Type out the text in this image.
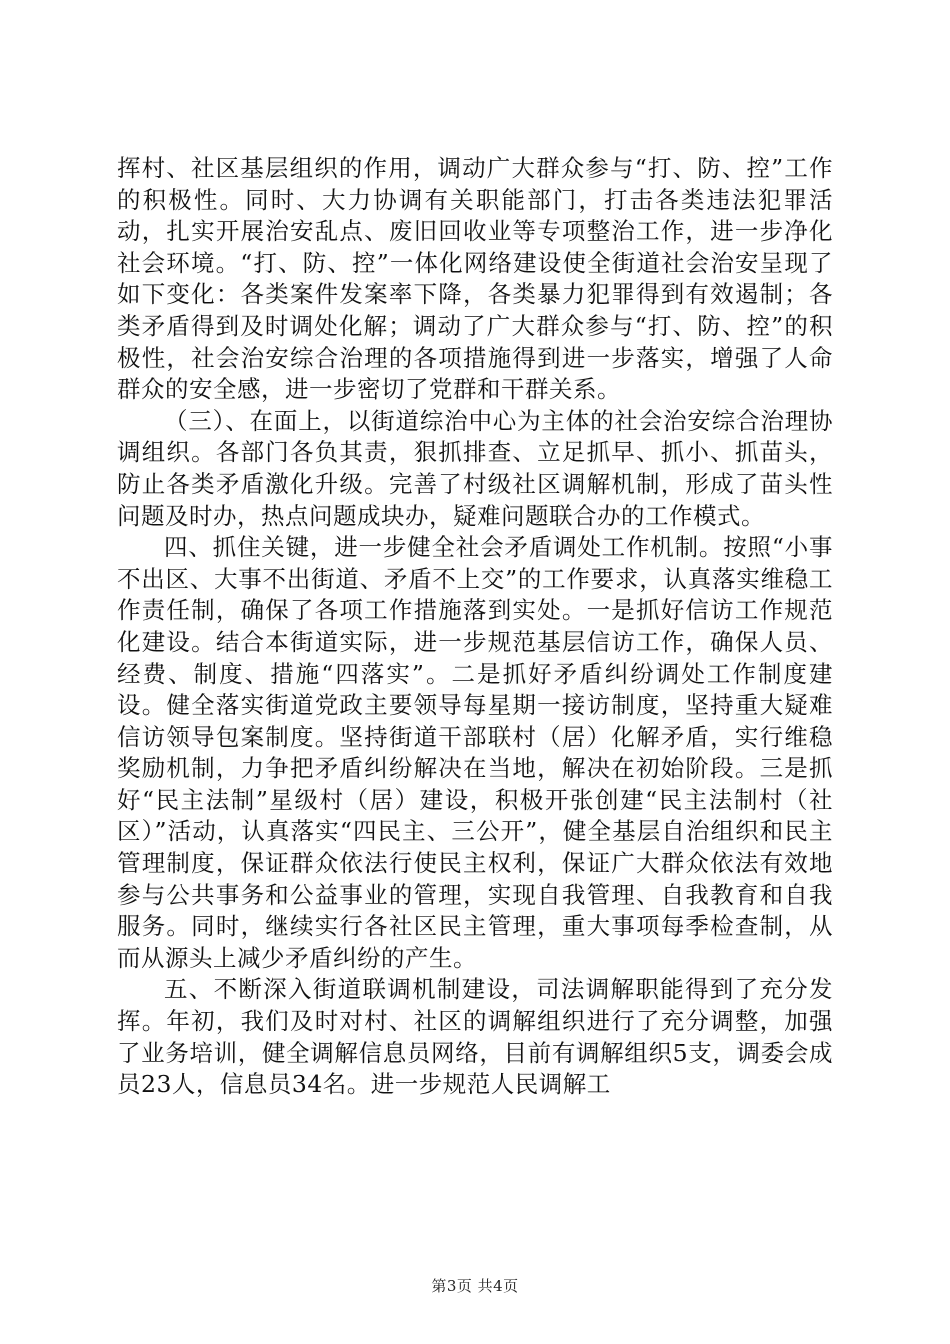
挥村、社区基层组织的作用，调动广大群众参与“打、防、控”工作的积极性。同时、大力协调有关职能部门，打击各类违法犯罪活动，扎实开展治安乱点、废旧回收业等专项整治工作，进一步净化社会环境。“打、防、控”一体化网络建设使全街道社会治安呈现了如下变化：各类案件发案率下降，各类暴力犯罪得到有效遏制；各类矛盾得到及时调处化解；调动了广大群众参与“打、防、控”的积极性，社会治安综合治理的各项措施得到进一步落实，增强了人命群众的安全感，进一步密切了党群和干群关系。

（三）、在面上，以街道综治中心为主体的社会治安综合治理协调组织。各部门各负其责，狠抓排查、立足抓早、抓小、抓苗头，防止各类矛盾激化升级。完善了村级社区调解机制，形成了苗头性问题及时办，热点问题成块办，疑难问题联合办的工作模式。

四、抓住关键，进一步健全社会矛盾调处工作机制。按照“小事不出区、大事不出街道、矛盾不上交”的工作要求，认真落实维稳工作责任制，确保了各项工作措施落到实处。一是抓好信访工作规范化建设。结合本街道实际，进一步规范基层信访工作，确保人员、经费、制度、措施“四落实”。二是抓好矛盾纠纷调处工作制度建设。健全落实街道党政主要领导每星期一接访制度，坚持重大疑难信访领导包案制度。坚持街道干部联村（居）化解矛盾，实行维稳奖励机制，力争把矛盾纠纷解决在当地，解决在初始阶段。三是抓好“民主法制”星级村（居）建设，积极开张创建“民主法制村（社区）”活动，认真落实“四民主、三公开”，健全基层自治组织和民主管理制度，保证群众依法行使民主权利，保证广大群众依法有效地参与公共事务和公益事业的管理，实现自我管理、自我教育和自我服务。同时，继续实行各社区民主管理，重大事项每季检查制，从而从源头上减少矛盾纠纷的产生。

五、不断深入街道联调机制建设，司法调解职能得到了充分发挥。年初，我们及时对村、社区的调解组织进行了充分调整，加强了业务培训，健全调解信息员网络，目前有调解组织5支，调委会成员23人，信息员34名。进一步规范人民调解工

第3页 共4页
